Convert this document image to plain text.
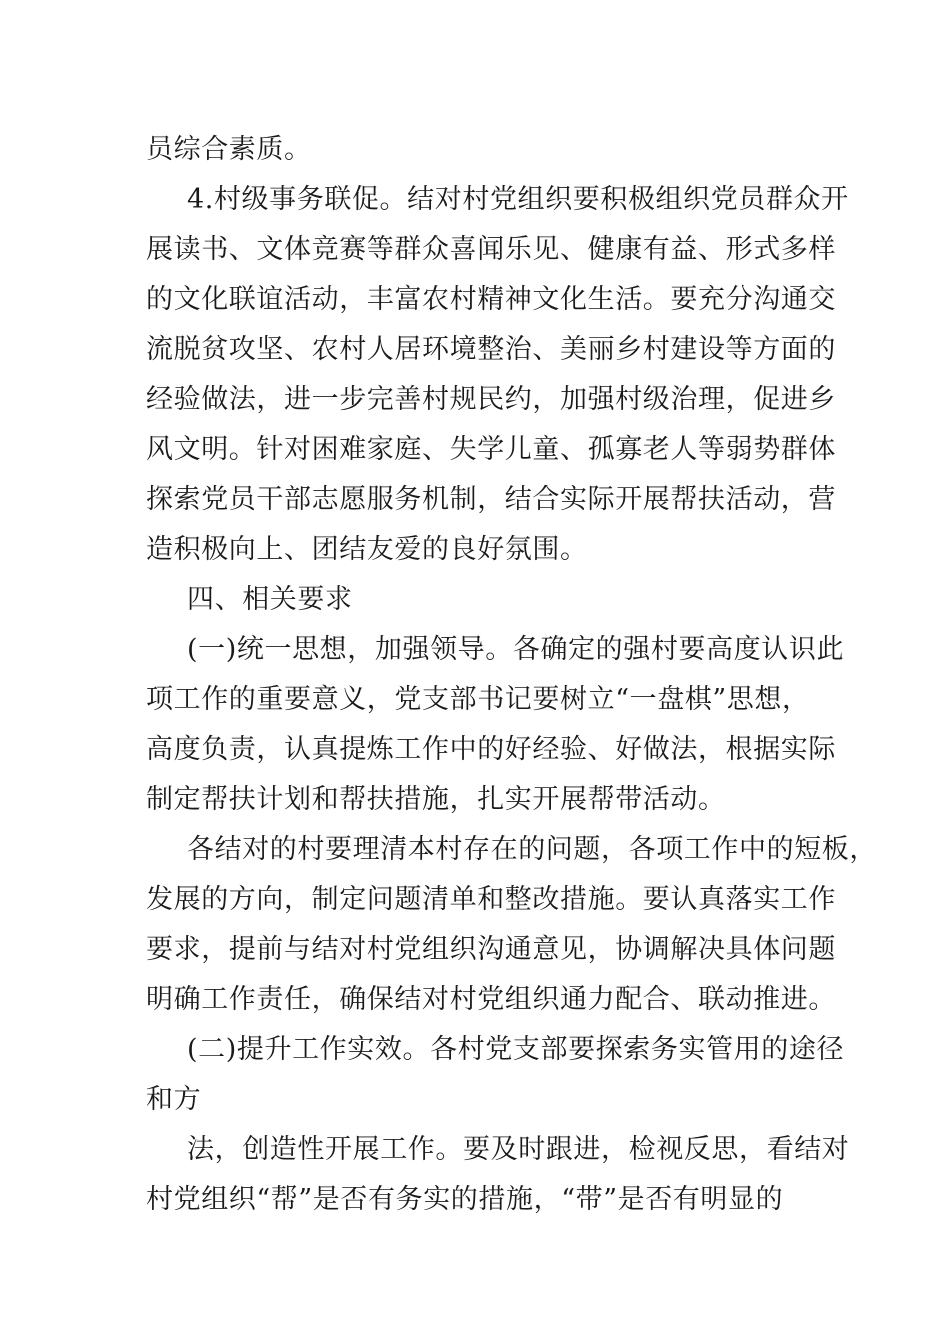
员综合素质。
4.村级事务联促。结对村党组织要积极组织党员群众开
展读书、文体竞赛等群众喜闻乐见、健康有益、形式多样
的文化联谊活动，丰富农村精神文化生活。要充分沟通交
流脱贫攻坚、农村人居环境整治、美丽乡村建设等方面的
经验做法，进一步完善村规民约，加强村级治理，促进乡
风文明。针对困难家庭、失学儿童、孤寡老人等弱势群体
探索党员干部志愿服务机制，结合实际开展帮扶活动，营
造积极向上、团结友爱的良好氛围。
四、相关要求
(一)统一思想，加强领导。各确定的强村要高度认识此
项工作的重要意义，党支部书记要树立“一盘棋”思想，
高度负责，认真提炼工作中的好经验、好做法，根据实际
制定帮扶计划和帮扶措施，扎实开展帮带活动。
各结对的村要理清本村存在的问题，各项工作中的短板，
发展的方向，制定问题清单和整改措施。要认真落实工作
要求，提前与结对村党组织沟通意见，协调解决具体问题
明确工作责任，确保结对村党组织通力配合、联动推进。
(二)提升工作实效。各村党支部要探索务实管用的途径
和方
法，创造性开展工作。要及时跟进，检视反思，看结对
村党组织“帮”是否有务实的措施，“带”是否有明显的
